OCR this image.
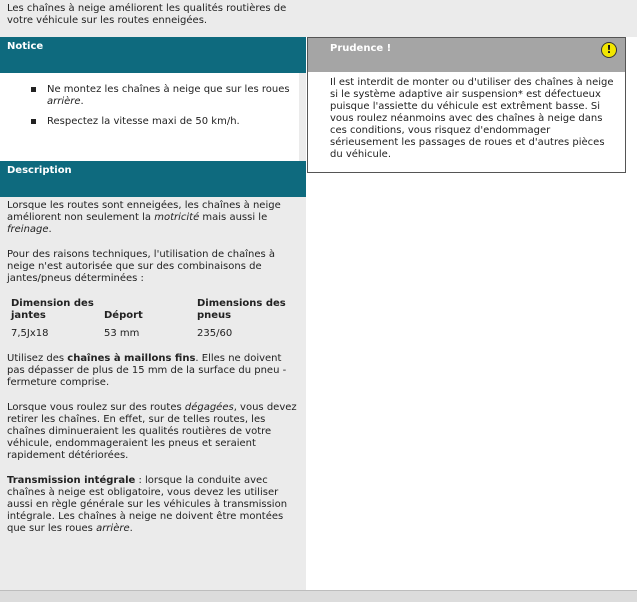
Les chaînes à neige améliorent les qualités routières de votre véhicule sur les routes enneigées.
Notice
Ne montez les chaînes à neige que sur les roues arrière.
Respectez la vitesse maxi de 50 km/h.
Description

Lorsque les routes sont enneigées, les chaînes à neige améliorent non seulement la motricité mais aussi le freinage.

Pour des raisons techniques, l'utilisation de chaînes à neige n'est autorisée que sur des combinaisons de jantes/pneus déterminées :

Dimension des jantes	Déport	Dimensions des pneus
7,5Jx18	53 mm	235/60

Utilisez des chaînes à maillons fins. Elles ne doivent pas dépasser de plus de 15 mm de la surface du pneu - fermeture comprise.

Lorsque vous roulez sur des routes dégagées, vous devez retirer les chaînes. En effet, sur de telles routes, les chaînes diminueraient les qualités routières de votre véhicule, endommageraient les pneus et seraient rapidement détériorées.

Transmission intégrale : lorsque la conduite avec chaînes à neige est obligatoire, vous devez les utiliser aussi en règle générale sur les véhicules à transmission intégrale. Les chaînes à neige ne doivent être montées que sur les roues arrière.

Prudence !	!
Il est interdit de monter ou d'utiliser des chaînes à neige si le système adaptive air suspension* est défectueux puisque l'assiette du véhicule est extrêment basse. Si vous roulez néanmoins avec des chaînes à neige dans ces conditions, vous risquez d'endommager sérieusement les passages de roues et d'autres pièces du véhicule.
